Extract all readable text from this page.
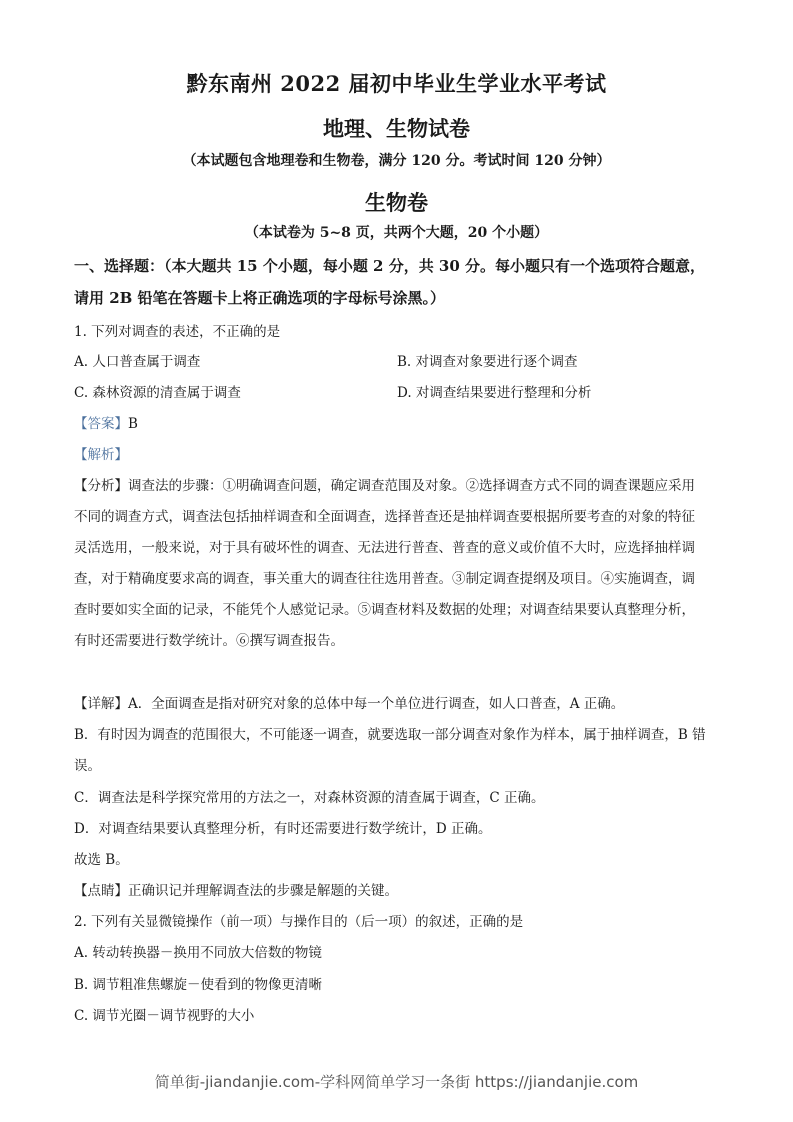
黔东南州 2022 届初中毕业生学业水平考试
地理、生物试卷
（本试题包含地理卷和生物卷，满分 120 分。考试时间 120 分钟）
生物卷
（本试卷为 5~8 页，共两个大题，20 个小题）
一、选择题：（本大题共 15 个小题，每小题 2 分，共 30 分。每小题只有一个选项符合题意，
请用 2B 铅笔在答题卡上将正确选项的字母标号涂黑。）
1. 下列对调查的表述，不正确的是
A. 人口普查属于调查	B. 对调查对象要进行逐个调查
C. 森林资源的清查属于调查	D. 对调查结果要进行整理和分析
【答案】B
【解析】
【分析】调查法的步骤：①明确调查问题，确定调查范围及对象。②选择调查方式不同的调查课题应采用
不同的调查方式，调查法包括抽样调查和全面调查，选择普查还是抽样调查要根据所要考查的对象的特征
灵活选用，一般来说，对于具有破坏性的调查、无法进行普查、普查的意义或价值不大时，应选择抽样调
查，对于精确度要求高的调查，事关重大的调查往往选用普查。③制定调查提纲及项目。④实施调查，调
查时要如实全面的记录，不能凭个人感觉记录。⑤调查材料及数据的处理；对调查结果要认真整理分析，
有时还需要进行数学统计。⑥撰写调查报告。
【详解】A．全面调查是指对研究对象的总体中每一个单位进行调查，如人口普查，A 正确。
B．有时因为调查的范围很大，不可能逐一调查，就要选取一部分调查对象作为样本，属于抽样调查，B 错
误。
C．调查法是科学探究常用的方法之一，对森林资源的清查属于调查，C 正确。
D．对调查结果要认真整理分析，有时还需要进行数学统计，D 正确。
故选 B。
【点睛】正确识记并理解调查法的步骤是解题的关键。
2. 下列有关显微镜操作（前一项）与操作目的（后一项）的叙述，正确的是
A. 转动转换器－换用不同放大倍数的物镜
B. 调节粗准焦螺旋－使看到的物像更清晰
C. 调节光圈－调节视野的大小
简单街-jiandanjie.com-学科网简单学习一条街 https://jiandanjie.com
